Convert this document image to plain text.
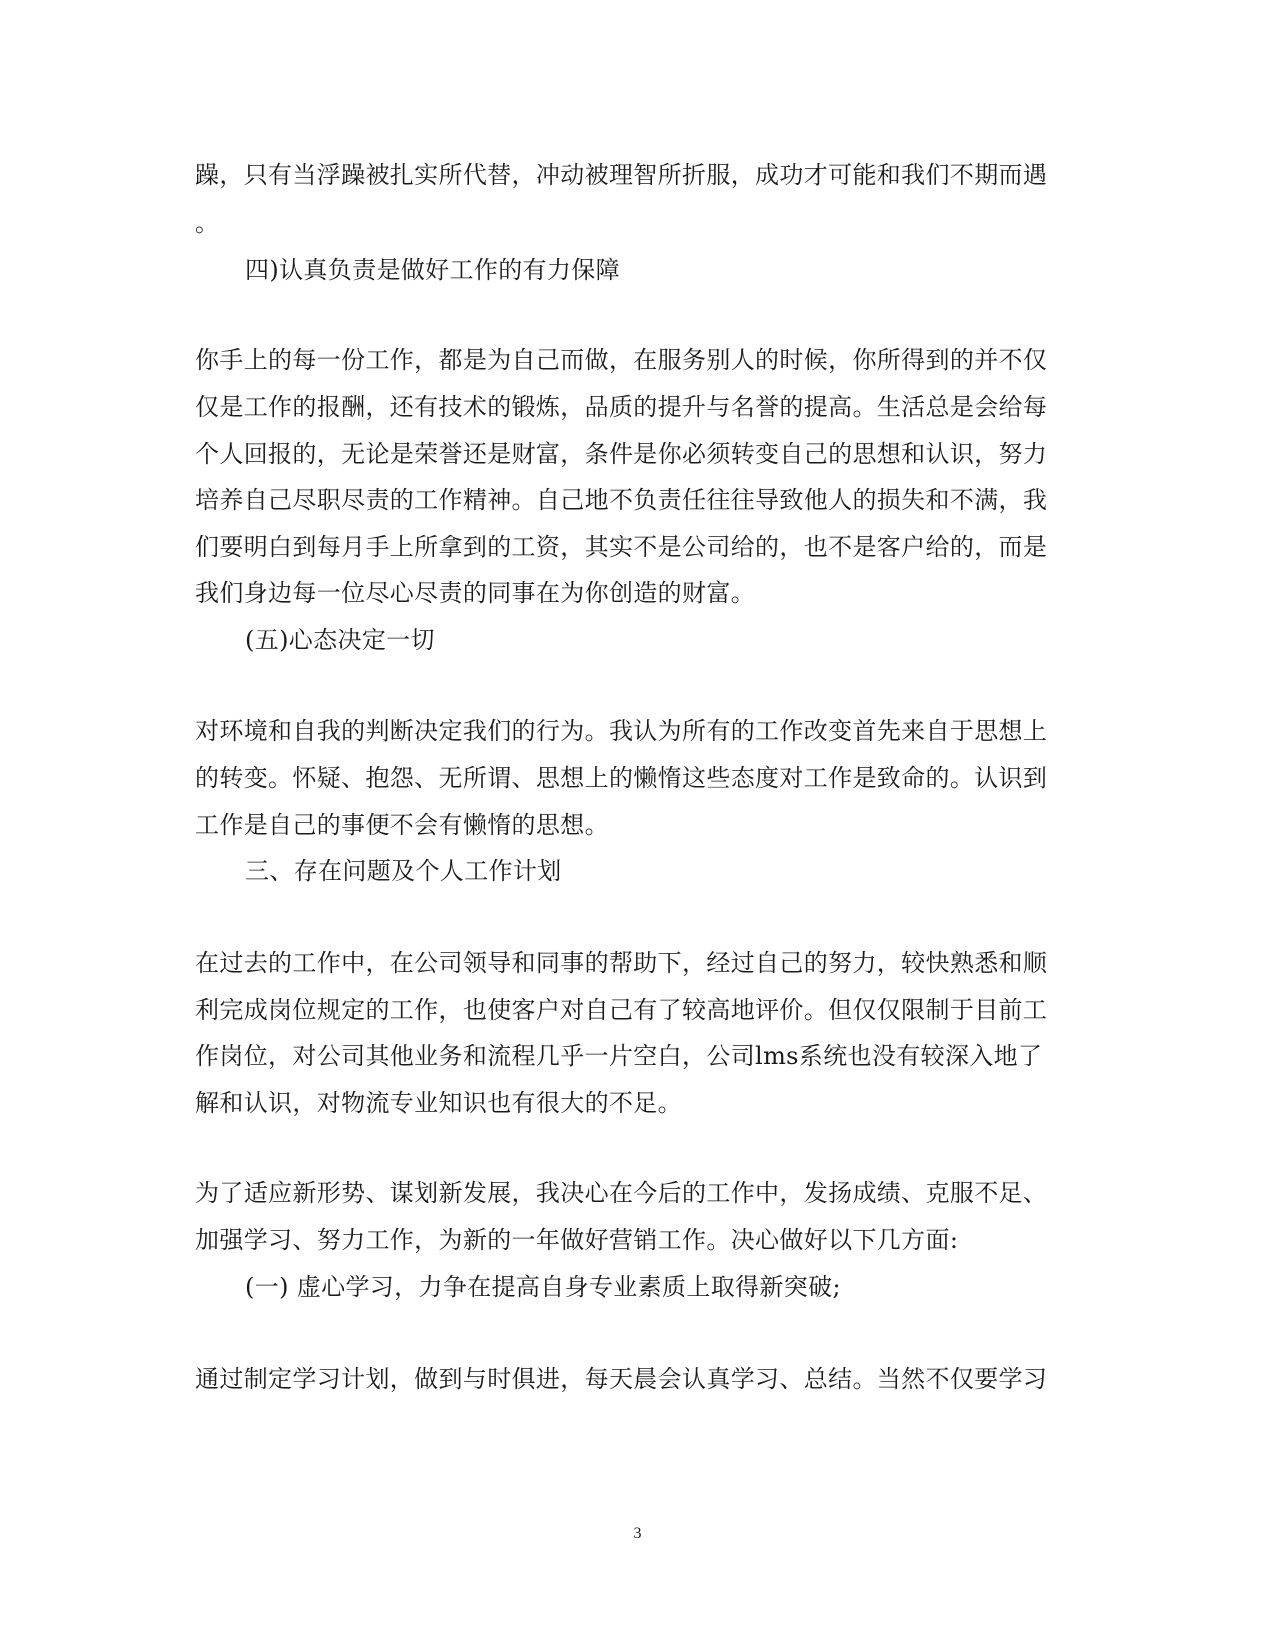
躁，只有当浮躁被扎实所代替，冲动被理智所折服，成功才可能和我们不期而遇
。
四)认真负责是做好工作的有力保障
你手上的每一份工作，都是为自己而做，在服务别人的时候，你所得到的并不仅
仅是工作的报酬，还有技术的锻炼，品质的提升与名誉的提高。生活总是会给每
个人回报的，无论是荣誉还是财富，条件是你必须转变自己的思想和认识，努力
培养自己尽职尽责的工作精神。自己地不负责任往往导致他人的损失和不满，我
们要明白到每月手上所拿到的工资，其实不是公司给的，也不是客户给的，而是
我们身边每一位尽心尽责的同事在为你创造的财富。
(五)心态决定一切
对环境和自我的判断决定我们的行为。我认为所有的工作改变首先来自于思想上
的转变。怀疑、抱怨、无所谓、思想上的懒惰这些态度对工作是致命的。认识到
工作是自己的事便不会有懒惰的思想。
三、存在问题及个人工作计划
在过去的工作中，在公司领导和同事的帮助下，经过自己的努力，较快熟悉和顺
利完成岗位规定的工作，也使客户对自己有了较高地评价。但仅仅限制于目前工
作岗位，对公司其他业务和流程几乎一片空白，公司lms系统也没有较深入地了
解和认识，对物流专业知识也有很大的不足。
为了适应新形势、谋划新发展，我决心在今后的工作中，发扬成绩、克服不足、
加强学习、努力工作，为新的一年做好营销工作。决心做好以下几方面:
(一) 虚心学习，力争在提高自身专业素质上取得新突破;
通过制定学习计划，做到与时俱进，每天晨会认真学习、总结。当然不仅要学习
3
